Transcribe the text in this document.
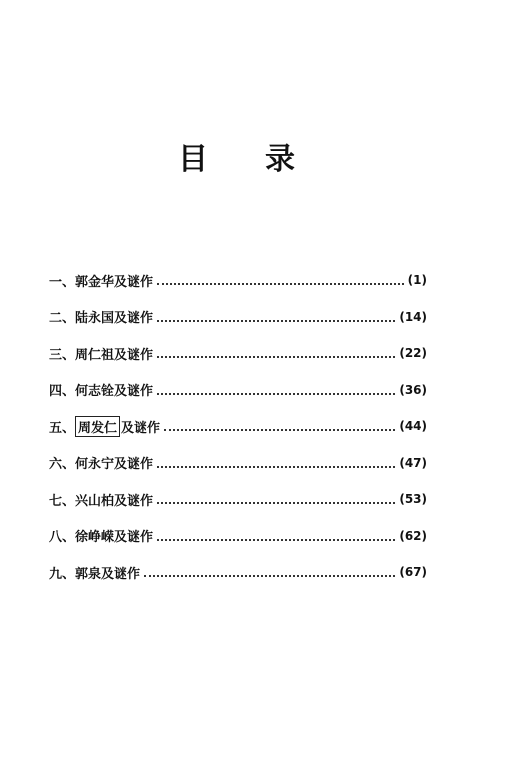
目 录
一、 郭金华 及谜作	(1)
二、 陆永国 及谜作	(14)
三、 周仁祖 及谜作	(22)
四、 何志铨 及谜作	(36)
五、 周发仁 及谜作	(44)
六、 何永宁 及谜作	(47)
七、 兴山柏 及谜作	(53)
八、 徐峥嵘 及谜作	(62)
九、 郭泉 及谜作	(67)
